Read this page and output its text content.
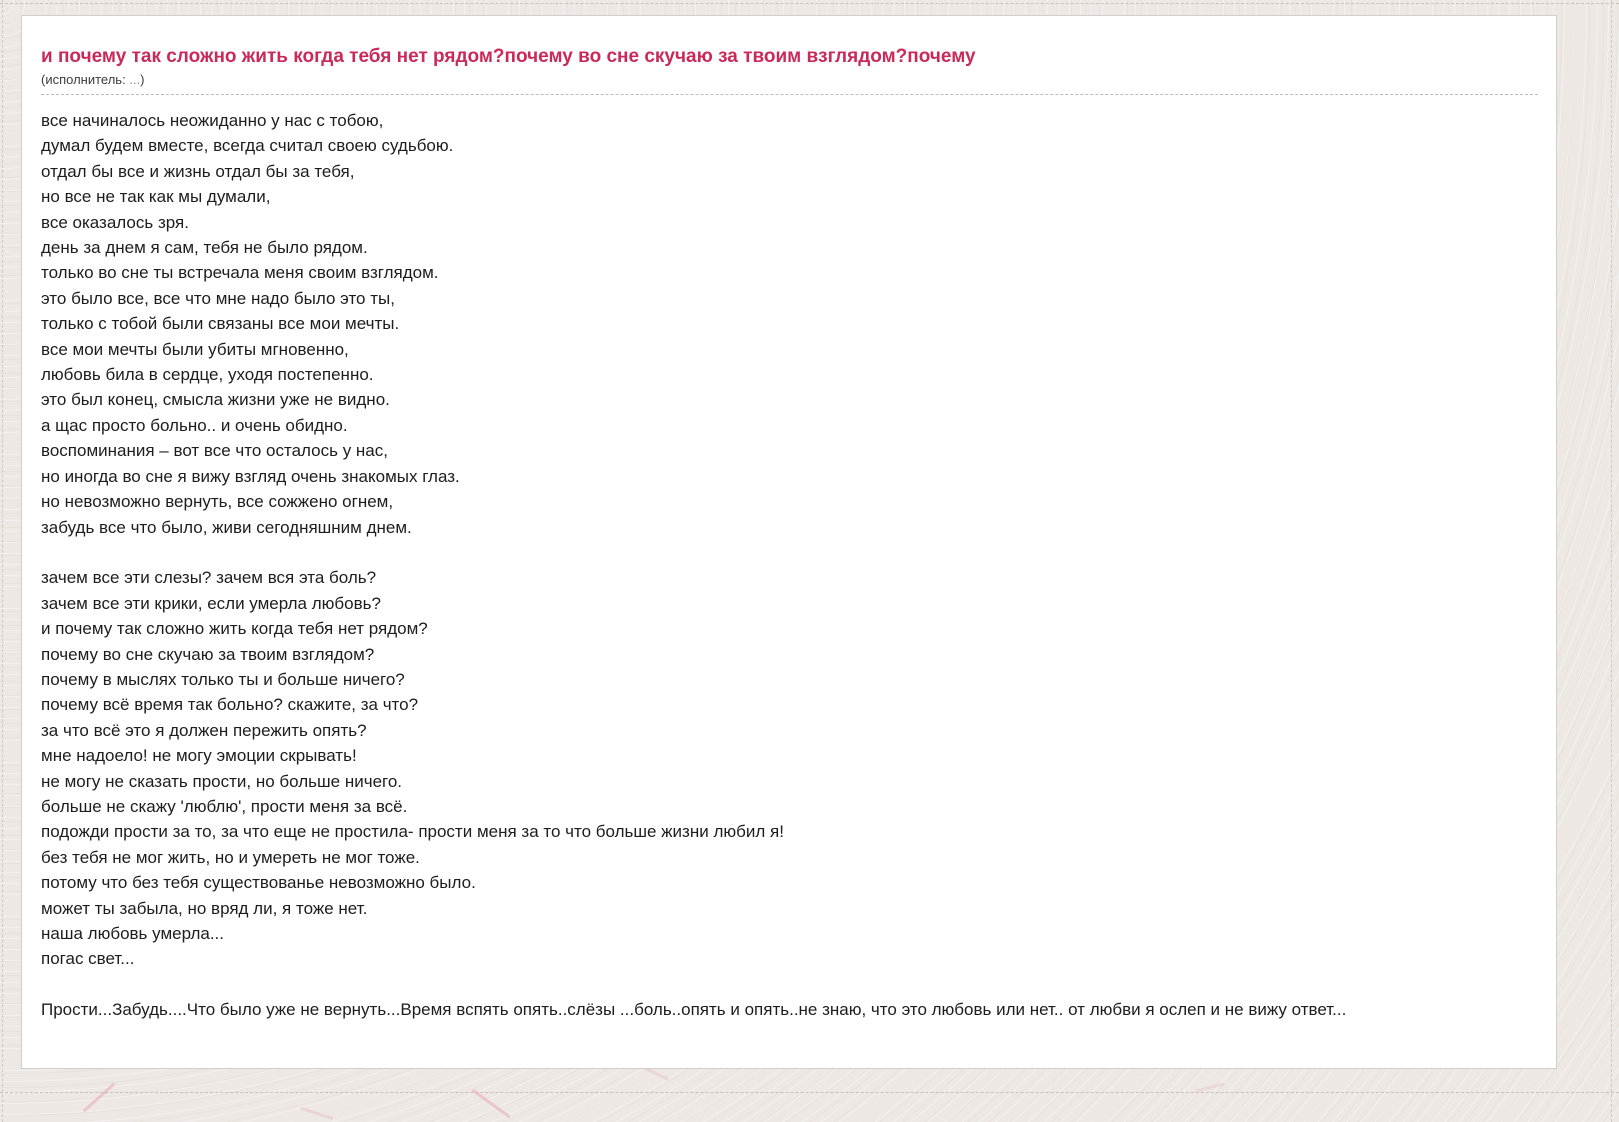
и почему так сложно жить когда тебя нет рядом?почему во сне скучаю за твоим взглядом?почему
(исполнитель: ...)
все начиналось неожиданно у нас с тобою,
думал будем вместе, всегда считал своею судьбою.
отдал бы все и жизнь отдал бы за тебя,
но все не так как мы думали,
все оказалось зря.
день за днем я сам, тебя не было рядом.
только во сне ты встречала меня своим взглядом.
это было все, все что мне надо было это ты,
только с тобой были связаны все мои мечты.
все мои мечты были убиты мгновенно,
любовь била в сердце, уходя постепенно.
это был конец, смысла жизни уже не видно.
а щас просто больно.. и очень обидно.
воспоминания – вот все что осталось у нас,
но иногда во сне я вижу взгляд очень знакомых глаз.
но невозможно вернуть, все сожжено огнем,
забудь все что было, живи сегодняшним днем.
зачем все эти слезы? зачем вся эта боль?
зачем все эти крики, если умерла любовь?
и почему так сложно жить когда тебя нет рядом?
почему во сне скучаю за твоим взглядом?
почему в мыслях только ты и больше ничего?
почему всё время так больно? скажите, за что?
за что всё это я должен пережить опять?
мне надоело! не могу эмоции скрывать!
не могу не сказать прости, но больше ничего.
больше не скажу 'люблю', прости меня за всё.
подожди прости за то, за что еще не простила- прости меня за то что больше жизни любил я!
без тебя не мог жить, но и умереть не мог тоже.
потому что без тебя существованье невозможно было.
может ты забыла, но вряд ли, я тоже нет.
наша любовь умерла...
погас свет...
Прости...Забудь....Что было уже не вернуть...Время вспять опять..слёзы ...боль..опять и опять..не знаю, что это любовь или нет.. от любви я ослеп и не вижу ответ...
